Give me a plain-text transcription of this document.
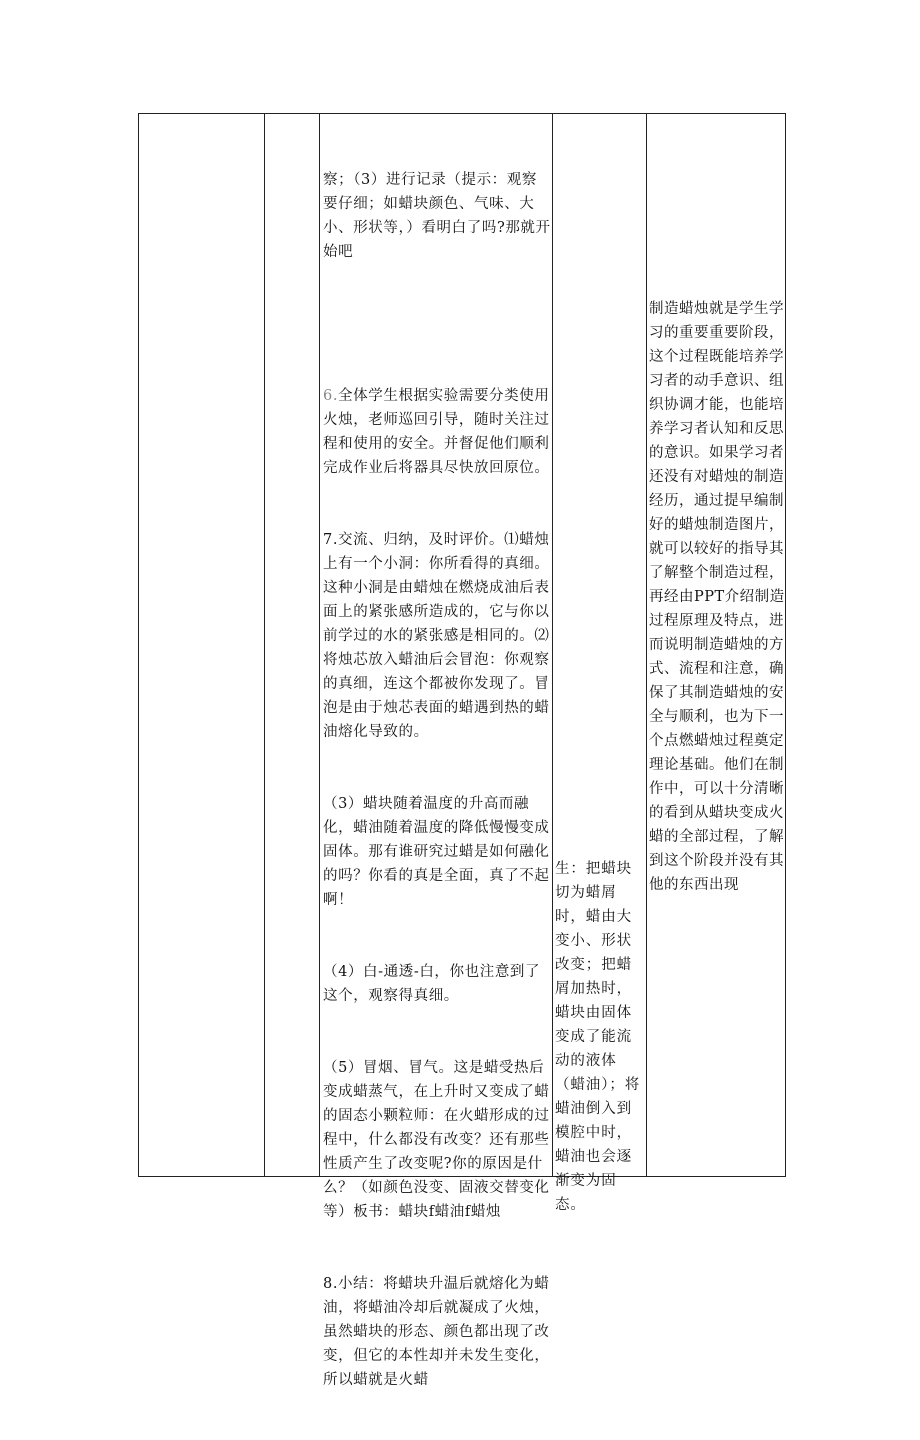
察；（3）进行记录（提示：观察要仔细；如蜡块颜色、气味、大小、形状等，）看明白了吗?那就开始吧

6.全体学生根据实验需要分类使用火烛，老师巡回引导，随时关注过程和使用的安全。并督促他们顺利完成作业后将器具尽快放回原位。

7.交流、归纳，及时评价。⑴蜡烛上有一个小洞：你所看得的真细。这种小洞是由蜡烛在燃烧成油后表面上的紧张感所造成的，它与你以前学过的水的紧张感是相同的。⑵将烛芯放入蜡油后会冒泡：你观察的真细，连这个都被你发现了。冒泡是由于烛芯表面的蜡遇到热的蜡油熔化导致的。

（3）蜡块随着温度的升高而融化，蜡油随着温度的降低慢慢变成固体。那有谁研究过蜡是如何融化的吗？你看的真是全面，真了不起啊！

（4）白-通透-白，你也注意到了这个，观察得真细。

（5）冒烟、冒气。这是蜡受热后变成蜡蒸气，在上升时又变成了蜡的固态小颗粒师：在火蜡形成的过程中，什么都没有改变？还有那些性质产生了改变呢?你的原因是什么？（如颜色没变、固液交替变化等）板书：蜡块f蜡油f蜡烛

8.小结：将蜡块升温后就熔化为蜡油，将蜡油冷却后就凝成了火烛，虽然蜡块的形态、颜色都出现了改变，但它的本性却并未发生变化，所以蜡就是火蜡

生：把蜡块切为蜡屑时，蜡由大变小、形状改变；把蜡屑加热时，蜡块由固体变成了能流动的液体（蜡油）；将蜡油倒入到模腔中时，蜡油也会逐渐变为固态。
制造蜡烛就是学生学习的重要重要阶段，这个过程既能培养学习者的动手意识、组织协调才能，也能培养学习者认知和反思的意识。如果学习者还没有对蜡烛的制造经历，通过提早编制好的蜡烛制造图片，就可以较好的指导其了解整个制造过程，再经由PPT介绍制造过程原理及特点，进而说明制造蜡烛的方式、流程和注意，确保了其制造蜡烛的安全与顺利，也为下一个点燃蜡烛过程奠定理论基础。他们在制作中，可以十分清晰的看到从蜡块变成火蜡的全部过程，了解到这个阶段并没有其他的东西出现
